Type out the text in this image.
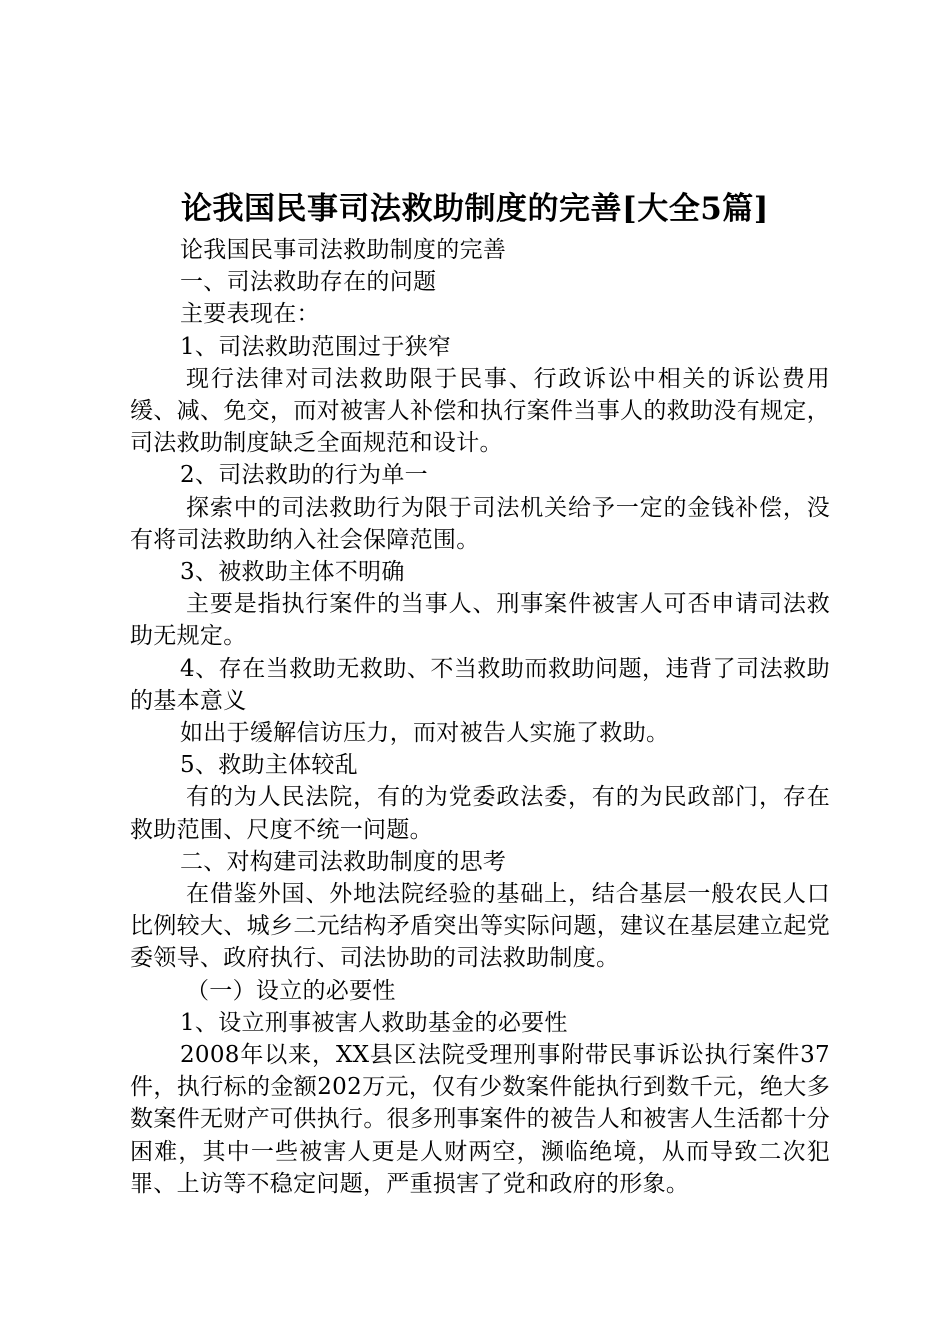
论我国民事司法救助制度的完善[大全5篇]

论我国民事司法救助制度的完善

一、司法救助存在的问题

主要表现在：

1、司法救助范围过于狭窄

现行法律对司法救助限于民事、行政诉讼中相关的诉讼费用缓、减、免交，而对被害人补偿和执行案件当事人的救助没有规定，司法救助制度缺乏全面规范和设计。

2、司法救助的行为单一

探索中的司法救助行为限于司法机关给予一定的金钱补偿，没有将司法救助纳入社会保障范围。

3、被救助主体不明确

主要是指执行案件的当事人、刑事案件被害人可否申请司法救助无规定。

4、存在当救助无救助、不当救助而救助问题，违背了司法救助的基本意义

如出于缓解信访压力，而对被告人实施了救助。

5、救助主体较乱

有的为人民法院，有的为党委政法委，有的为民政部门，存在救助范围、尺度不统一问题。

二、对构建司法救助制度的思考

在借鉴外国、外地法院经验的基础上，结合基层一般农民人口比例较大、城乡二元结构矛盾突出等实际问题，建议在基层建立起党委领导、政府执行、司法协助的司法救助制度。

（一）设立的必要性

1、设立刑事被害人救助基金的必要性

2008年以来，XX县区法院受理刑事附带民事诉讼执行案件37件，执行标的金额202万元，仅有少数案件能执行到数千元，绝大多数案件无财产可供执行。很多刑事案件的被告人和被害人生活都十分困难，其中一些被害人更是人财两空，濒临绝境，从而导致二次犯罪、上访等不稳定问题，严重损害了党和政府的形象。
